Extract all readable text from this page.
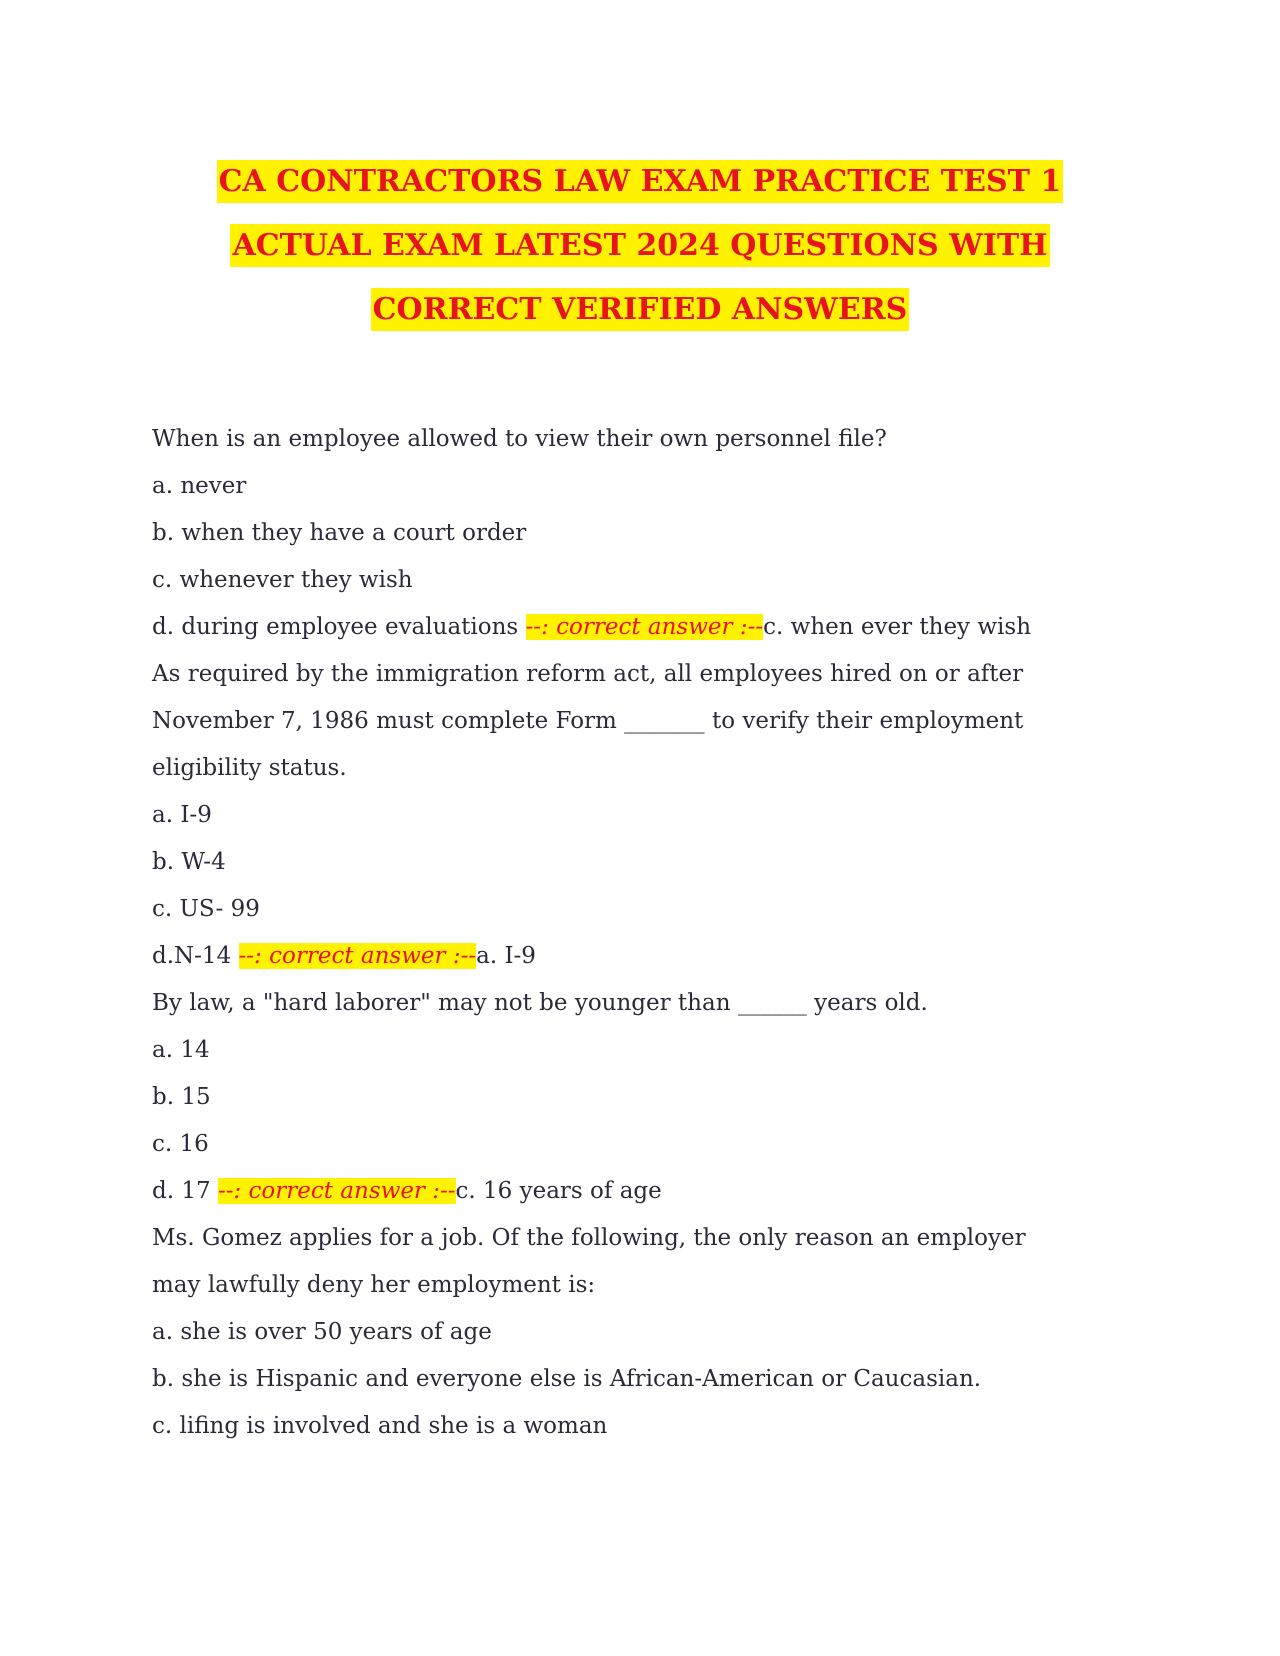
CA CONTRACTORS LAW EXAM PRACTICE TEST 1
ACTUAL EXAM LATEST 2024 QUESTIONS WITH
CORRECT VERIFIED ANSWERS
When is an employee allowed to view their own personnel file?
a. never
b. when they have a court order
c. whenever they wish
d. during employee evaluations --: correct answer :--c. when ever they wish
As required by the immigration reform act, all employees hired on or after
November 7, 1986 must complete Form _______ to verify their employment
eligibility status.
a. I-9
b. W-4
c. US- 99
d.N-14 --: correct answer :--a. I-9
By law, a "hard laborer" may not be younger than ______ years old.
a. 14
b. 15
c. 16
d. 17 --: correct answer :--c. 16 years of age
Ms. Gomez applies for a job. Of the following, the only reason an employer
may lawfully deny her employment is:
a. she is over 50 years of age
b. she is Hispanic and everyone else is African-American or Caucasian.
c. lifing is involved and she is a woman
